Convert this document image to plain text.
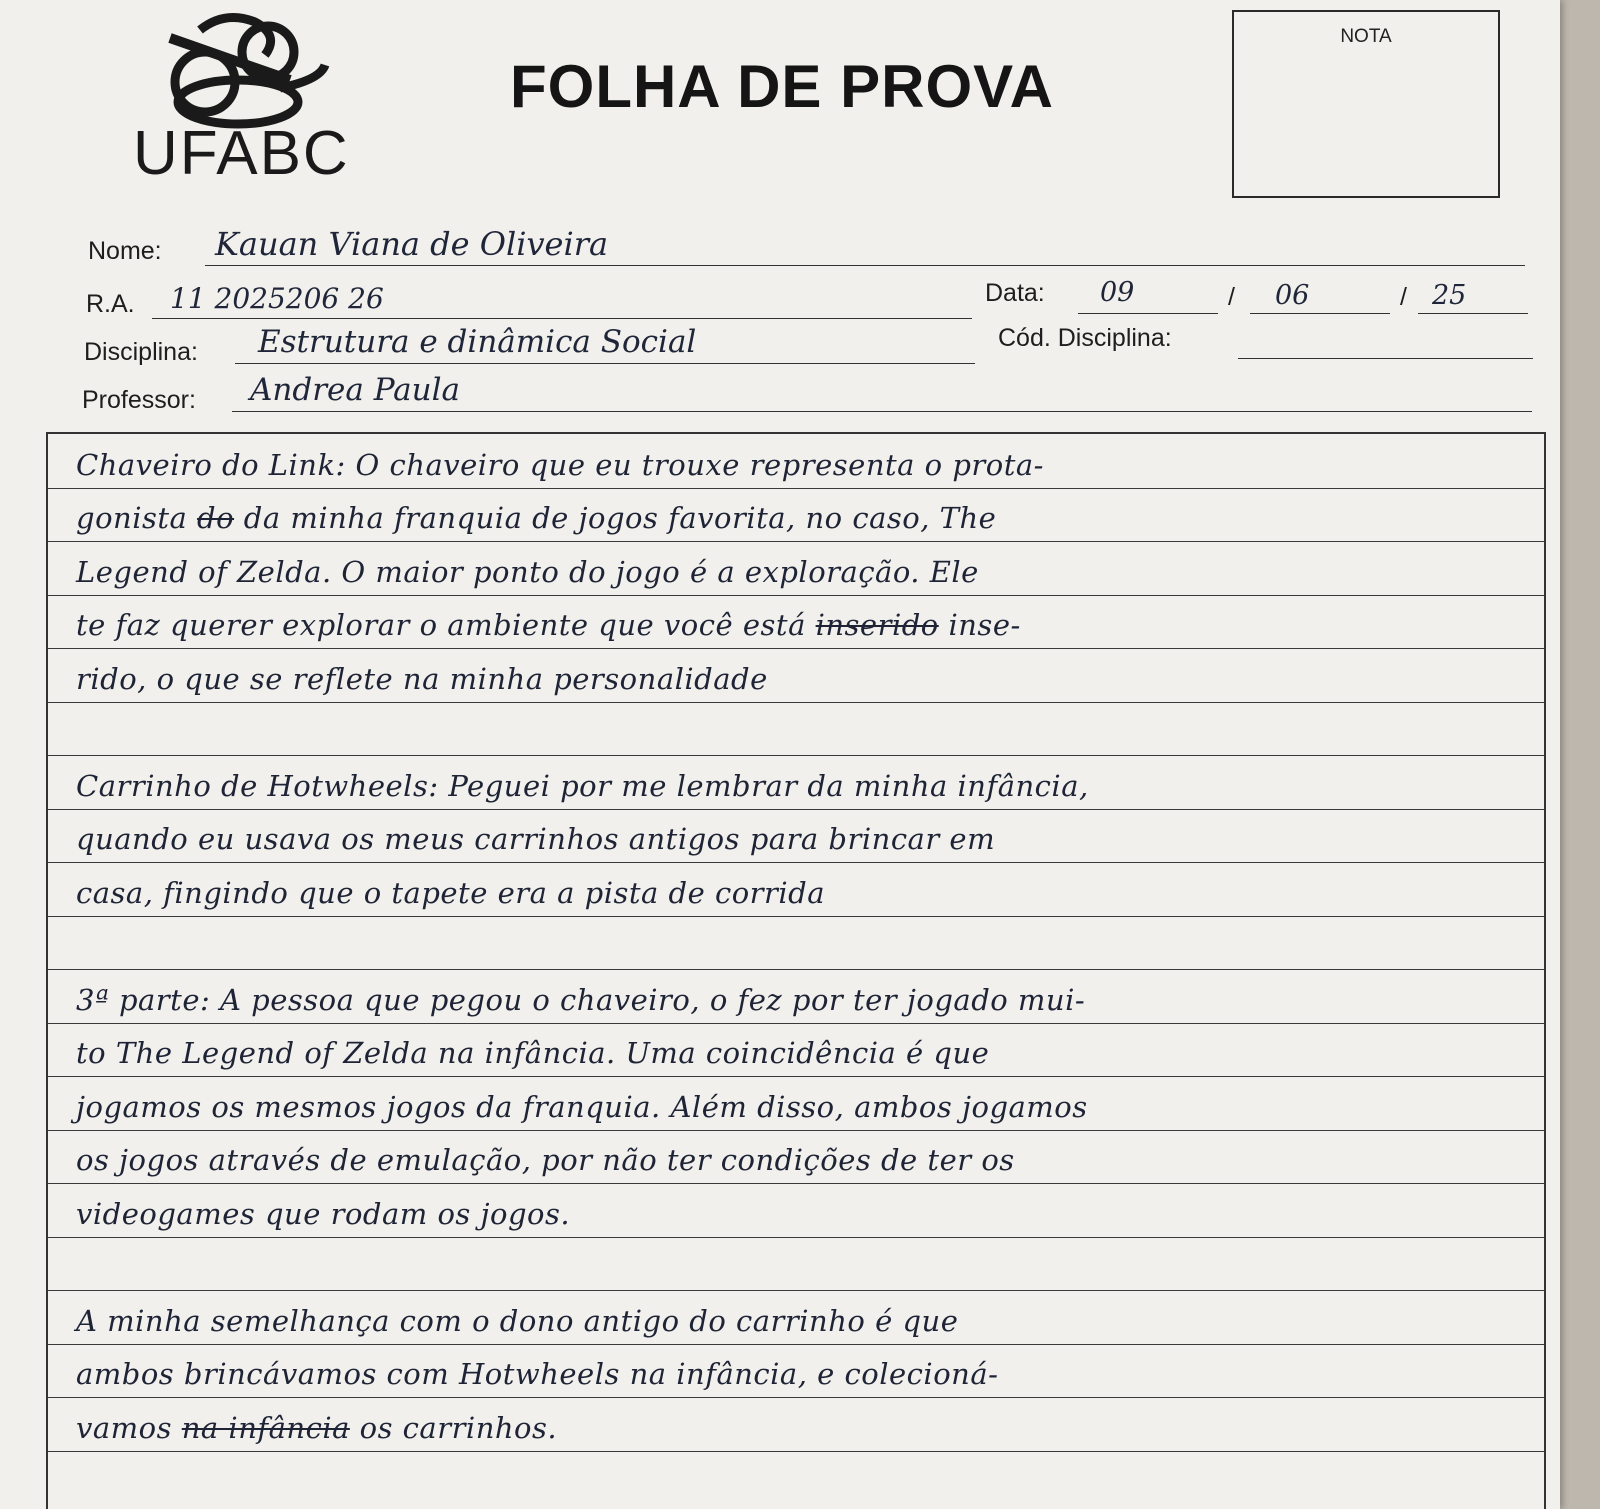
UFABC
FOLHA DE PROVA
NOTA
Nome: Kauan Viana de Oliveira
R.A. 11 2025206 26	Data: 09	/ 06	/ 25
Disciplina: Estrutura e dinâmica Social	Cód. Disciplina:
Professor: Andrea Paula
Chaveiro do Link: O chaveiro que eu trouxe representa o prota-
gonista do da minha franquia de jogos favorita, no caso, The
Legend of Zelda. O maior ponto do jogo é a exploração. Ele
te faz querer explorar o ambiente que você está inserido inse-
rido, o que se reflete na minha personalidade
Carrinho de Hotwheels: Peguei por me lembrar da minha infância,
quando eu usava os meus carrinhos antigos para brincar em
casa, fingindo que o tapete era a pista de corrida
3ª parte: A pessoa que pegou o chaveiro, o fez por ter jogado mui-
to The Legend of Zelda na infância. Uma coincidência é que
jogamos os mesmos jogos da franquia. Além disso, ambos jogamos
os jogos através de emulação, por não ter condições de ter os
videogames que rodam os jogos.
A minha semelhança com o dono antigo do carrinho é que
ambos brincávamos com Hotwheels na infância, e colecioná-
vamos na infância os carrinhos.
